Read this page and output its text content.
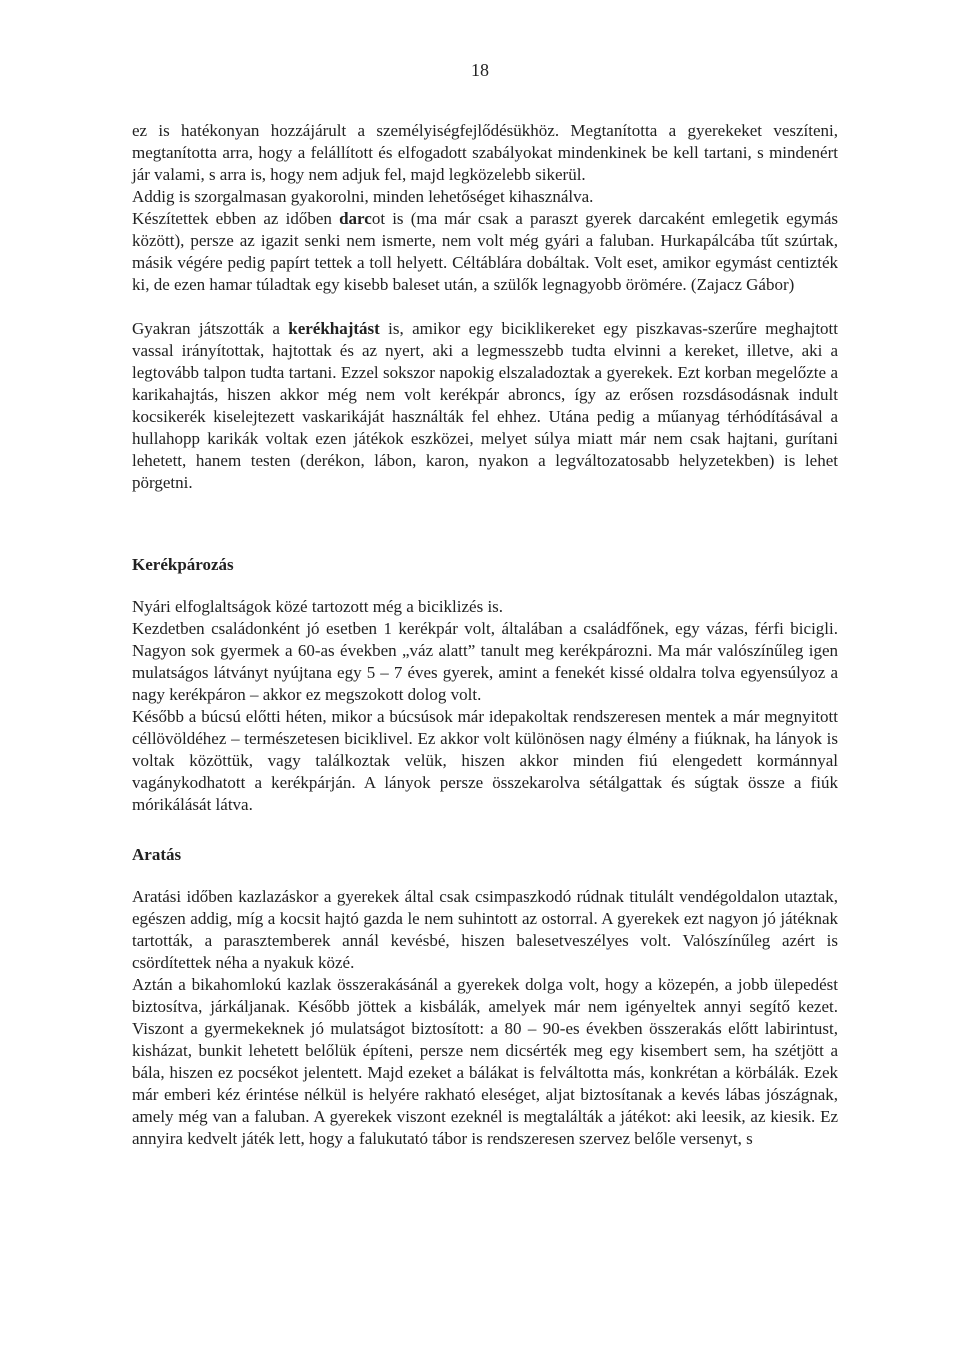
18

ez is hatékonyan hozzájárult a személyiségfejlődésükhöz. Megtanította a gyerekeket veszíteni, megtanította arra, hogy a felállított és elfogadott szabályokat mindenkinek be kell tartani, s mindenért jár valami, s arra is, hogy nem adjuk fel, majd legközelebb sikerül.

Addig is szorgalmasan gyakorolni, minden lehetőséget kihasználva.

Készítettek ebben az időben darcot is (ma már csak a paraszt gyerek darcaként emlegetik egymás között), persze az igazit senki nem ismerte, nem volt még gyári a faluban. Hurkapálcába tűt szúrtak, másik végére pedig papírt tettek a toll helyett. Céltáblára dobáltak. Volt eset, amikor egymást centizték ki, de ezen hamar túladtak egy kisebb baleset után, a szülők legnagyobb örömére. (Zajacz Gábor)

Gyakran játszották a kerékhajtást is, amikor egy biciklikereket egy piszkavas-szerűre meghajtott vassal irányítottak, hajtottak és az nyert, aki a legmesszebb tudta elvinni a kereket, illetve, aki a legtovább talpon tudta tartani. Ezzel sokszor napokig elszaladoztak a gyerekek. Ezt korban megelőzte a karikahajtás, hiszen akkor még nem volt kerékpár abroncs, így az erősen rozsdásodásnak indult kocsikerék kiselejtezett vaskarikáját használták fel ehhez. Utána pedig a műanyag térhódításával a hullahopp karikák voltak ezen játékok eszközei, melyet súlya miatt már nem csak hajtani, gurítani lehetett, hanem testen (derékon, lábon, karon, nyakon a legváltozatosabb helyzetekben) is lehet pörgetni.

Kerékpározás

Nyári elfoglaltságok közé tartozott még a biciklizés is.

Kezdetben családonként jó esetben 1 kerékpár volt, általában a családfőnek, egy vázas, férfi bicigli. Nagyon sok gyermek a 60-as években „váz alatt” tanult meg kerékpározni. Ma már valószínűleg igen mulatságos látványt nyújtana egy 5 – 7 éves gyerek, amint a fenekét kissé oldalra tolva egyensúlyoz a nagy kerékpáron – akkor ez megszokott dolog volt.

Később a búcsú előtti héten, mikor a búcsúsok már idepakoltak rendszeresen mentek a már megnyitott céllövöldéhez – természetesen biciklivel. Ez akkor volt különösen nagy élmény a fiúknak, ha lányok is voltak közöttük, vagy találkoztak velük, hiszen akkor minden fiú elengedett kormánnyal vagánykodhatott a kerékpárján. A lányok persze összekarolva sétálgattak és súgtak össze a fiúk mórikálását látva.

Aratás

Aratási időben kazlazáskor a gyerekek által csak csimpaszkodó rúdnak titulált vendégoldalon utaztak, egészen addig, míg a kocsit hajtó gazda le nem suhintott az ostorral. A gyerekek ezt nagyon jó játéknak tartották, a parasztemberek annál kevésbé, hiszen balesetveszélyes volt. Valószínűleg azért is csördítettek néha a nyakuk közé.

Aztán a bikahomlokú kazlak összerakásánál a gyerekek dolga volt, hogy a közepén, a jobb ülepedést biztosítva, járkáljanak. Később jöttek a kisbálák, amelyek már nem igényeltek annyi segítő kezet. Viszont a gyermekeknek jó mulatságot biztosított: a 80 – 90-es években összerakás előtt labirintust, kisházat, bunkit lehetett belőlük építeni, persze nem dicsérték meg egy kisembert sem, ha szétjött a bála, hiszen ez pocsékot jelentett. Majd ezeket a bálákat is felváltotta más, konkrétan a körbálák. Ezek már emberi kéz érintése nélkül is helyére rakható eleséget, aljat biztosítanak a kevés lábas jószágnak, amely még van a faluban. A gyerekek viszont ezeknél is megtalálták a játékot: aki leesik, az kiesik. Ez annyira kedvelt játék lett, hogy a falukutató tábor is rendszeresen szervez belőle versenyt, s
